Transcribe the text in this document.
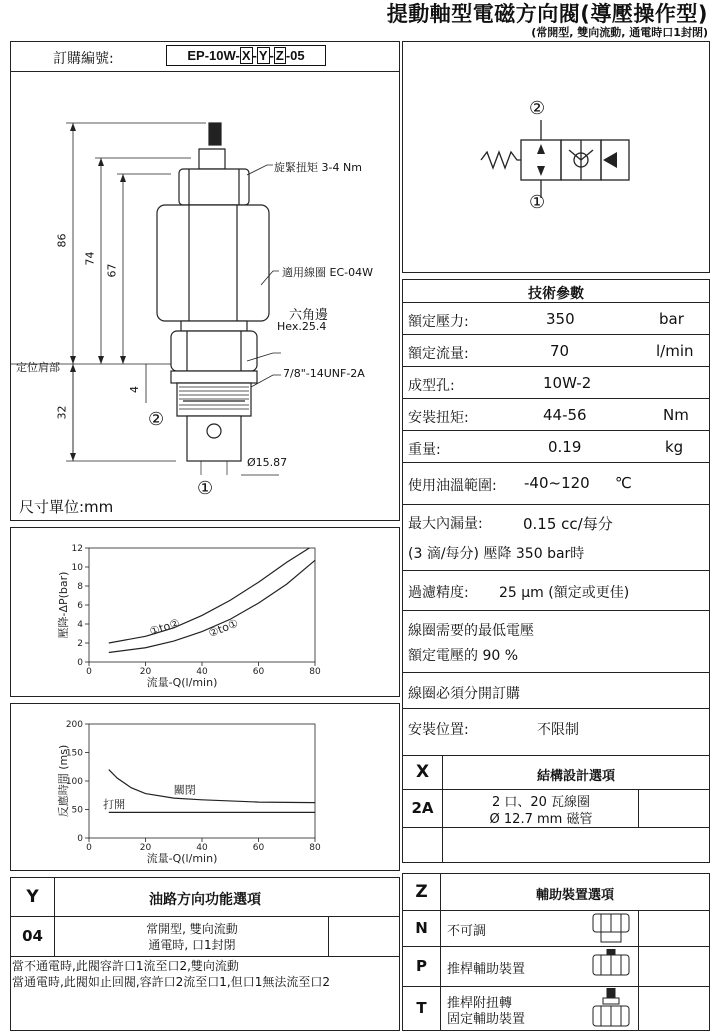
提動軸型電磁方向閥(導壓操作型)
(常開型, 雙向流動, 通電時口1封閉)
訂購編號:	EP-10W- X - Y - Z -05
旋緊扭矩 3-4 Nm
適用線圈 EC-04W
六角邊
Hex.25.4
7/8"-14UNF-2A
定位肩部
86
74
67
4
32
Ø15.87
②
①
尺寸單位:mm
②
①
技術參數
額定壓力:	350	bar
額定流量:	70	l/min
成型孔:	10W-2
安裝扭矩:	44-56	Nm
重量:	0.19	kg
使用油溫範圍: -40~120 ℃
最大內漏量:	0.15 cc/每分
(3 滴/每分) 壓降 350 bar時
過濾精度: 25 μm (額定或更佳)
線圈需要的最低電壓
額定電壓的 90 %
線圈必須分開訂購
安裝位置:	不限制
0
2
4
6
8
10
12
0	20	40	60	80
流量-Q(l/min)
壓降-ΔP(bar)	①to② ②to①
0
50
100
150
200
0	20	40	60	80
流量-Q(l/min)
反應時間 (ms)	關閉
打開
X	結構設計選項
2A	2 口、20 瓦線圈
Ø 12.7 mm 磁管
Y	油路方向功能選項
04	常開型, 雙向流動
通電時, 口1封閉
當不通電時,此閥容許口1流至口2,雙向流動
當通電時,此閥如止回閥,容許口2流至口1,但口1無法流至口2
Z	輔助裝置選項
N	不可調
P	推桿輔助裝置
T	推桿附扭轉
固定輔助裝置
